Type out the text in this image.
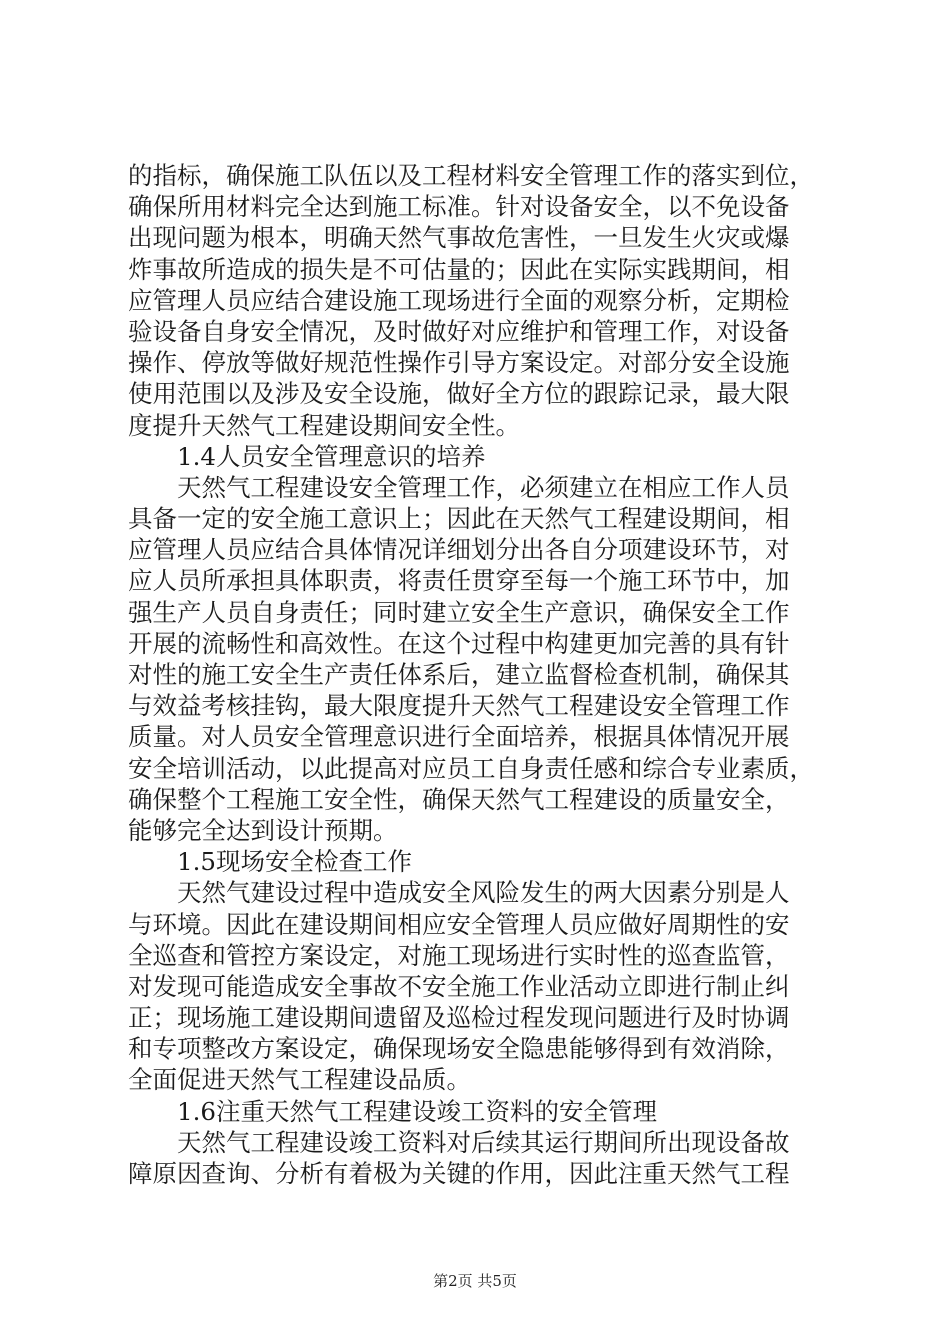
的指标，确保施工队伍以及工程材料安全管理工作的落实到位，
确保所用材料完全达到施工标准。针对设备安全，以不免设备
出现问题为根本，明确天然气事故危害性，一旦发生火灾或爆
炸事故所造成的损失是不可估量的；因此在实际实践期间，相
应管理人员应结合建设施工现场进行全面的观察分析，定期检
验设备自身安全情况，及时做好对应维护和管理工作，对设备
操作、停放等做好规范性操作引导方案设定。对部分安全设施
使用范围以及涉及安全设施，做好全方位的跟踪记录，最大限
度提升天然气工程建设期间安全性。
1.4人员安全管理意识的培养
天然气工程建设安全管理工作，必须建立在相应工作人员
具备一定的安全施工意识上；因此在天然气工程建设期间，相
应管理人员应结合具体情况详细划分出各自分项建设环节，对
应人员所承担具体职责，将责任贯穿至每一个施工环节中，加
强生产人员自身责任；同时建立安全生产意识，确保安全工作
开展的流畅性和高效性。在这个过程中构建更加完善的具有针
对性的施工安全生产责任体系后，建立监督检查机制，确保其
与效益考核挂钩，最大限度提升天然气工程建设安全管理工作
质量。对人员安全管理意识进行全面培养，根据具体情况开展
安全培训活动，以此提高对应员工自身责任感和综合专业素质，
确保整个工程施工安全性，确保天然气工程建设的质量安全，
能够完全达到设计预期。
1.5现场安全检查工作
天然气建设过程中造成安全风险发生的两大因素分别是人
与环境。因此在建设期间相应安全管理人员应做好周期性的安
全巡查和管控方案设定，对施工现场进行实时性的巡查监管，
对发现可能造成安全事故不安全施工作业活动立即进行制止纠
正；现场施工建设期间遗留及巡检过程发现问题进行及时协调
和专项整改方案设定，确保现场安全隐患能够得到有效消除，
全面促进天然气工程建设品质。
1.6注重天然气工程建设竣工资料的安全管理
天然气工程建设竣工资料对后续其运行期间所出现设备故
障原因查询、分析有着极为关键的作用，因此注重天然气工程
第2页 共5页
